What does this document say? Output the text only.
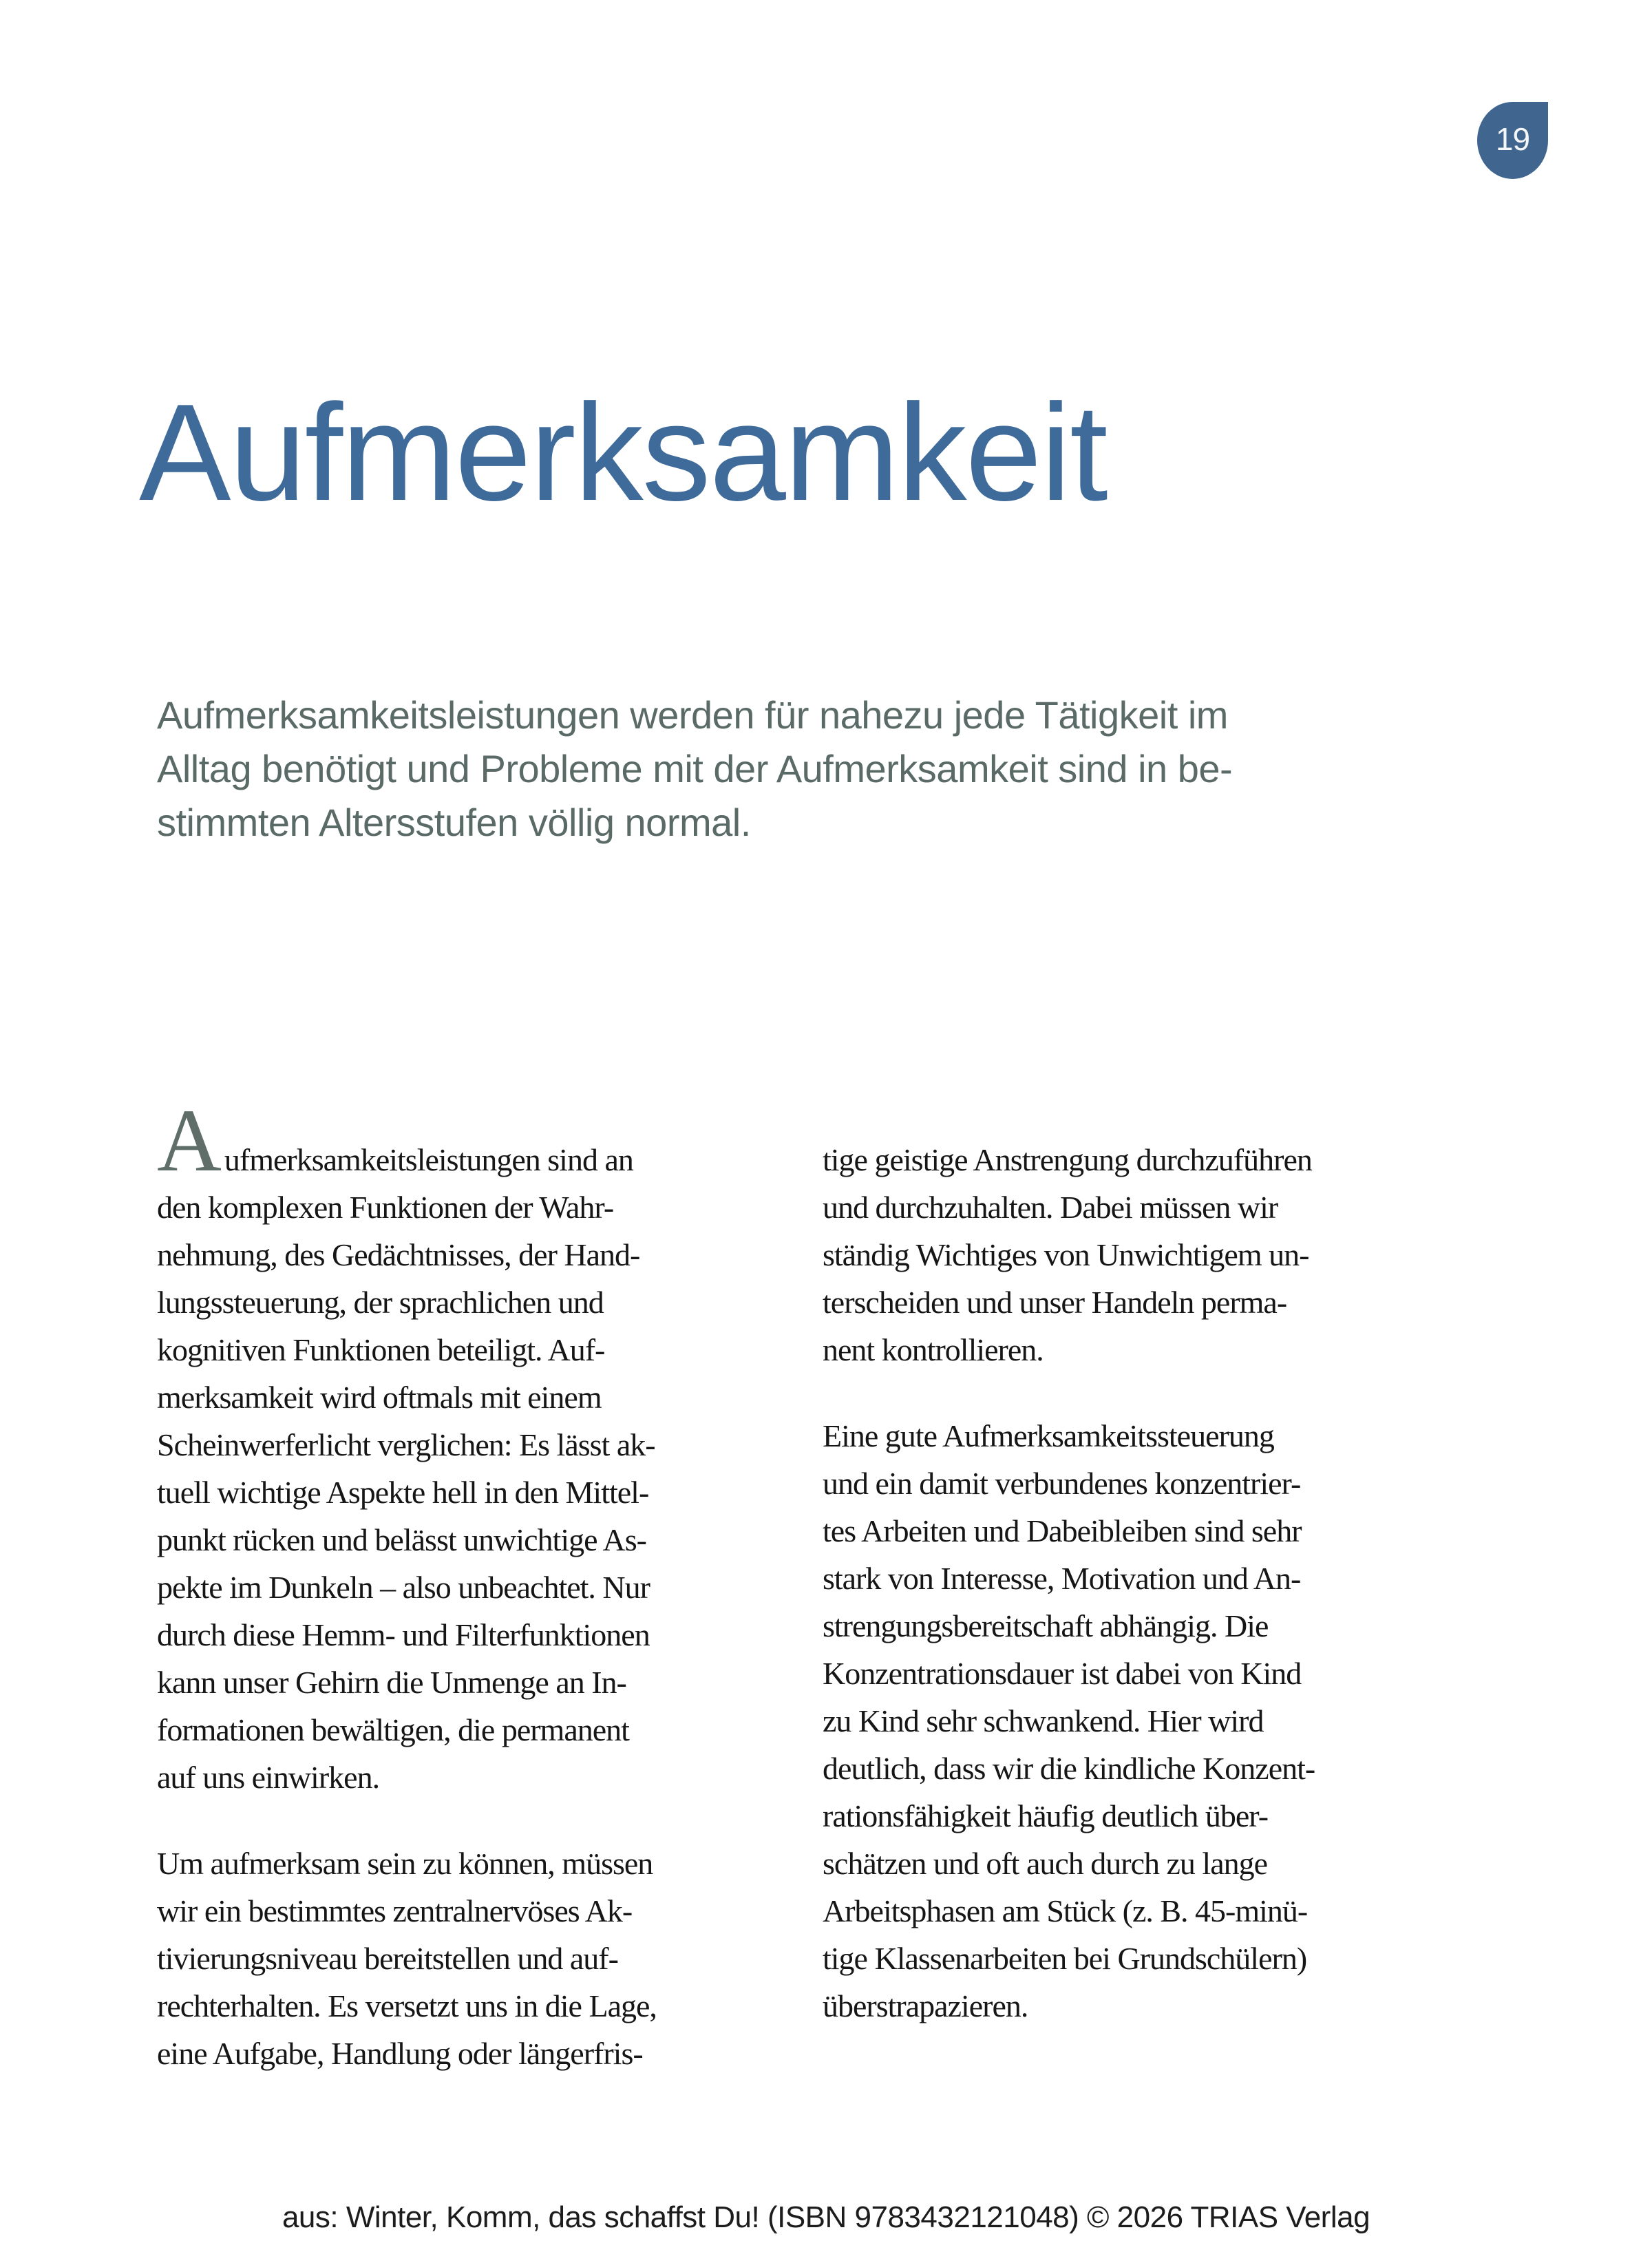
19
Aufmerksamkeit
Aufmerksamkeitsleistungen werden für nahezu jede Tätigkeit im
Alltag benötigt und Probleme mit der Aufmerksamkeit sind in be-
stimmten Altersstufen völlig normal.

Aufmerksamkeitsleistungen sind an
den komplexen Funktionen der Wahr-
nehmung, des Gedächtnisses, der Hand-
lungssteuerung, der sprachlichen und
kognitiven Funktionen beteiligt. Auf-
merksamkeit wird oftmals mit einem
Scheinwerferlicht verglichen: Es lässt ak-
tuell wichtige Aspekte hell in den Mittel-
punkt rücken und belässt unwichtige As-
pekte im Dunkeln – also unbeachtet. Nur
durch diese Hemm- und Filterfunktionen
kann unser Gehirn die Unmenge an In-
formationen bewältigen, die permanent
auf uns einwirken.

Um aufmerksam sein zu können, müssen
wir ein bestimmtes zentralnervöses Ak-
tivierungsniveau bereitstellen und auf-
rechterhalten. Es versetzt uns in die Lage,
eine Aufgabe, Handlung oder längerfris-

tige geistige Anstrengung durchzuführen
und durchzuhalten. Dabei müssen wir
ständig Wichtiges von Unwichtigem un-
terscheiden und unser Handeln perma-
nent kontrollieren.

Eine gute Aufmerksamkeitssteuerung
und ein damit verbundenes konzentrier-
tes Arbeiten und Dabeibleiben sind sehr
stark von Interesse, Motivation und An-
strengungsbereitschaft abhängig. Die
Konzentrationsdauer ist dabei von Kind
zu Kind sehr schwankend. Hier wird
deutlich, dass wir die kindliche Konzent-
rationsfähigkeit häufig deutlich über-
schätzen und oft auch durch zu lange
Arbeitsphasen am Stück (z. B. 45-minü-
tige Klassenarbeiten bei Grundschülern)
überstrapazieren.

aus: Winter, Komm, das schaffst Du! (ISBN 9783432121048) © 2026 TRIAS Verlag
